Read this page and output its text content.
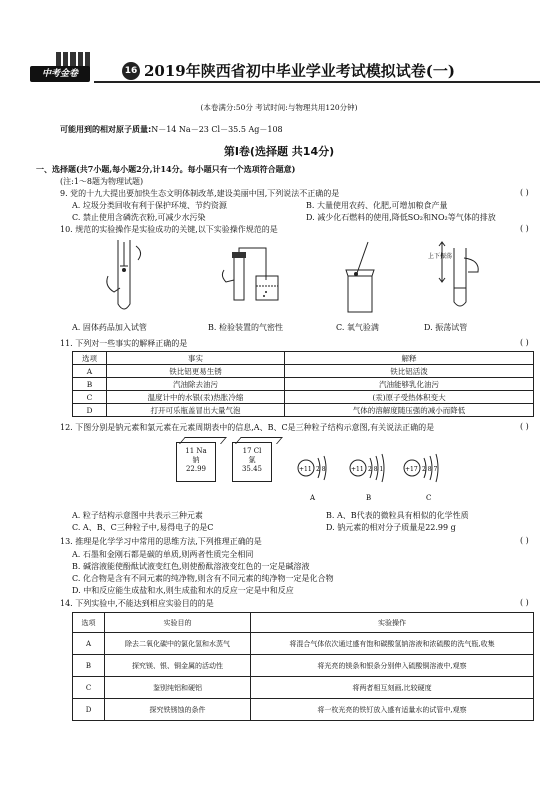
中考金卷	16 2019年陕西省初中毕业学业考试模拟试卷(一)
(本卷满分:50分 考试时间:与物理共用120分钟)
可能用到的相对原子质量:N－14 Na－23 Cl－35.5 Ag－108
第Ⅰ卷(选择题 共14分)
一、选择题(共7小题,每小题2分,计14分。每小题只有一个选项符合题意)
(注:1～8题为物理试题)
9. 党的十九大提出要加快生态文明体制改革,建设美丽中国,下列说法不正确的是	( )
A. 垃圾分类回收有利于保护环境、节约资源	B. 大量使用农药、化肥,可增加粮食产量
C. 禁止使用含磷洗衣粉,可减少水污染	D. 减少化石燃料的使用,降低SO₂和NO₂等气体的排放
10. 规范的实验操作是实验成功的关键,以下实验操作规范的是	( )
上下振荡
A. 固体药品加入试管	B. 检验装置的气密性	C. 氧气验满	D. 振荡试管
11. 下列对一些事实的解释正确的是	( )
选项	事实	解释
A	铁比铝更易生锈	铁比铝活泼
B	汽油除去油污	汽油能够乳化油污
C	温度计中的水银(汞)热胀冷缩	(汞)原子受热体积变大
D	打开可乐瓶盖冒出大量气泡	气体的溶解度随压强的减小而降低
12. 下图分别是钠元素和氯元素在元素周期表中的信息,A、B、C是三种粒子结构示意图,有关说法正确的是	( )
11 Na
钠
22.99
17 Cl
氯
35.45	+11 2 8
A
+11 2 8 1
B
+17 2 8 7
C
A. 粒子结构示意图中共表示三种元素	B. A、B代表的微粒具有相似的化学性质
C. A、B、C三种粒子中,易得电子的是C	D. 钠元素的相对分子质量是22.99 g
13. 推理是化学学习中常用的思维方法,下列推理正确的是	( )
A. 石墨和金刚石都是碳的单质,则两者性质完全相同
B. 碱溶液能使酚酞试液变红色,则使酚酞溶液变红色的一定是碱溶液
C. 化合物是含有不同元素的纯净物,则含有不同元素的纯净物一定是化合物
D. 中和反应能生成盐和水,则生成盐和水的反应一定是中和反应
14. 下列实验中,不能达到相应实验目的的是	( )
选项	实验目的	实验操作
A	除去二氧化碳中的氯化氢和水蒸气	将混合气体依次通过盛有饱和碳酸氢钠溶液和浓硫酸的洗气瓶,收集
B	探究镁、银、铜金属的活动性	将光亮的镁条和银条分别伸入硫酸铜溶液中,观察
C	鉴别纯铝和硬铝	将两者相互刻画,比较硬度
D	探究铁锈蚀的条件	将一枚光亮的铁钉放入盛有适量水的试管中,观察
